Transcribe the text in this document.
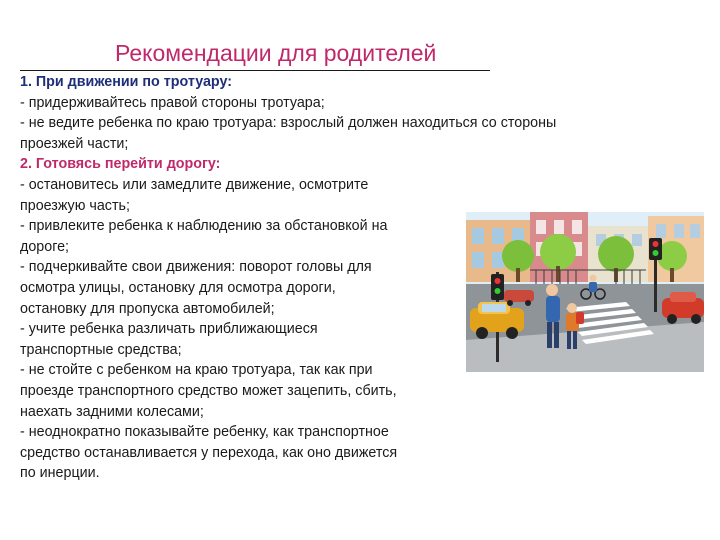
Рекомендации для родителей

1. При движении по тротуару:

- придерживайтесь правой стороны тротуара;

- не ведите ребенка по краю тротуара: взрослый должен находиться со стороны

проезжей части;

2. Готовясь перейти дорогу:

- остановитесь или замедлите движение, осмотрите

проезжую часть;

- привлеките ребенка к наблюдению за обстановкой на

дороге;

- подчеркивайте свои движения: поворот головы для

осмотра улицы, остановку для осмотра дороги,

остановку для пропуска автомобилей;

- учите ребенка различать приближающиеся

транспортные средства;

- не стойте с ребенком на краю тротуара, так как при

проезде транспортного средство может зацепить, сбить,

наехать задними колесами;

- неоднократно показывайте ребенку, как транспортное

средство останавливается у перехода, как оно движется

по инерции.
